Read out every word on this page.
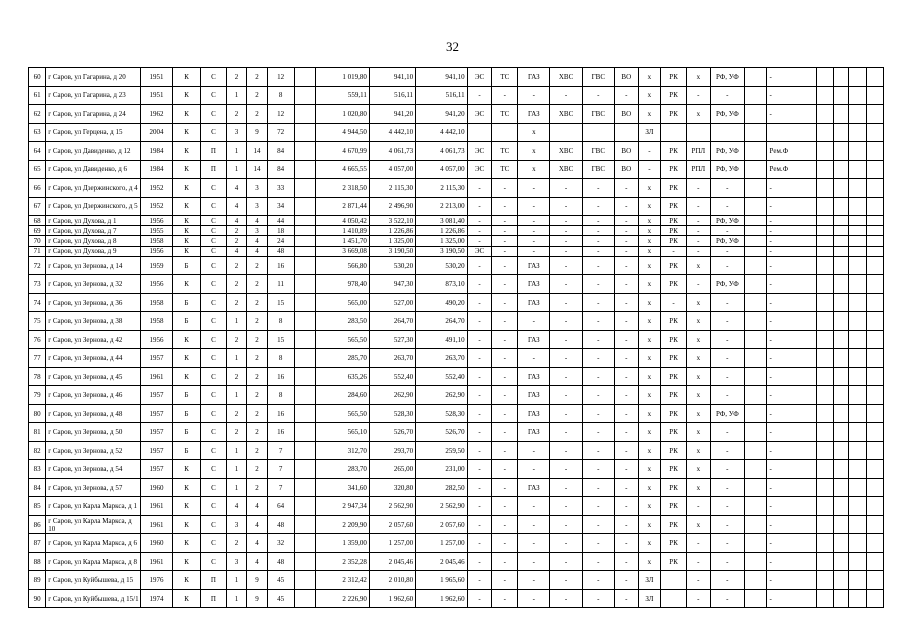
32
60	г Саров, ул Гагарина, д 20	1951	К	С	2	2	12		1 019,80	941,10	941,10	ЭС	ТС	ГАЗ	ХВС	ГВС	ВО	х	РК	х	РФ, УФ		-				
61	г Саров, ул Гагарина, д 23	1951	К	С	1	2	8		559,11	516,11	516,11	-	-	-	-	-	-	х	РК	-	-		-				
62	г Саров, ул Гагарина, д 24	1962	К	С	2	2	12		1 020,80	941,20	941,20	ЭС	ТС	ГАЗ	ХВС	ГВС	ВО	х	РК	х	РФ, УФ		-				
63	г Саров, ул Герцена, д 15	2004	К	С	3	9	72		4 944,50	4 442,10	4 442,10			х				ЗЛ									
64	г Саров, ул Давиденко, д 12	1984	К	П	1	14	84		4 670,99	4 061,73	4 061,73	ЭС	ТС	х	ХВС	ГВС	ВО	-	РК	РПЛ	РФ, УФ		Рем.Ф				
65	г Саров, ул Давиденко, д 6	1984	К	П	1	14	84		4 665,55	4 057,00	4 057,00	ЭС	ТС	х	ХВС	ГВС	ВО	-	РК	РПЛ	РФ, УФ		Рем.Ф				
66	г Саров, ул Дзержинского, д 4	1952	К	С	4	3	33		2 318,50	2 115,30	2 115,30	-	-	-	-	-	-	х	РК	-	-		-				
67	г Саров, ул Дзержинского, д 5	1952	К	С	4	3	34		2 871,44	2 496,90	2 213,00	-	-	-	-	-	-	х	РК	-	-		-				
68	г Саров, ул Духова, д 1	1956	К	С	4	4	44		4 050,42	3 522,10	3 081,40	-	-	-	-	-	-	х	РК	-	РФ, УФ		-				
69	г Саров, ул Духова, д 7	1955	К	С	2	3	18		1 410,89	1 226,86	1 226,86	-	-	-	-	-	-	х	РК	-	-		-				
70	г Саров, ул Духова, д 8	1958	К	С	2	4	24		1 451,70	1 325,00	1 325,00	-	-	-	-	-	-	х	РК	-	РФ, УФ		-				
71	г Саров, ул Духова, д 9	1956	К	С	4	4	48		3 669,08	3 190,50	3 190,50	ЭС	-	-	-	-	-	х	-	-	-		-				
72	г Саров, ул Зернова, д 14	1959	Б	С	2	2	16		566,80	530,20	530,20	-	-	ГАЗ	-	-	-	х	РК	х	-		-				
73	г Саров, ул Зернова, д 32	1956	К	С	2	2	11		978,40	947,30	873,10	-	-	ГАЗ	-	-	-	х	РК	-	РФ, УФ		-				
74	г Саров, ул Зернова, д 36	1958	Б	С	2	2	15		565,00	527,00	490,20	-	-	ГАЗ	-	-	-	х	-	х	-		-				
75	г Саров, ул Зернова, д 38	1958	Б	С	1	2	8		283,50	264,70	264,70	-	-	-	-	-	-	х	РК	х	-		-				
76	г Саров, ул Зернова, д 42	1956	К	С	2	2	15		565,50	527,30	491,10	-	-	ГАЗ	-	-	-	х	РК	х	-		-				
77	г Саров, ул Зернова, д 44	1957	К	С	1	2	8		285,70	263,70	263,70	-	-	-	-	-	-	х	РК	х	-		-				
78	г Саров, ул Зернова, д 45	1961	К	С	2	2	16		635,26	552,40	552,40	-	-	ГАЗ	-	-	-	х	РК	х	-		-				
79	г Саров, ул Зернова, д 46	1957	Б	С	1	2	8		284,60	262,90	262,90	-	-	ГАЗ	-	-	-	х	РК	х	-		-				
80	г Саров, ул Зернова, д 48	1957	Б	С	2	2	16		565,50	528,30	528,30	-	-	ГАЗ	-	-	-	х	РК	х	РФ, УФ		-				
81	г Саров, ул Зернова, д 50	1957	Б	С	2	2	16		565,10	526,70	526,70	-	-	ГАЗ	-	-	-	х	РК	х	-		-				
82	г Саров, ул Зернова, д 52	1957	Б	С	1	2	7		312,70	293,70	259,50	-	-	-	-	-	-	х	РК	х	-		-				
83	г Саров, ул Зернова, д 54	1957	К	С	1	2	7		283,70	265,00	231,00	-	-	-	-	-	-	х	РК	х	-		-				
84	г Саров, ул Зернова, д 57	1960	К	С	1	2	7		341,60	320,80	282,50	-	-	ГАЗ	-	-	-	х	РК	х	-		-				
85	г Саров, ул Карла Маркса, д 1	1961	К	С	4	4	64		2 947,34	2 562,90	2 562,90	-	-	-	-	-	-	х	РК	-	-		-				
86	г Саров, ул Карла Маркса, д 10	1961	К	С	3	4	48		2 209,90	2 057,60	2 057,60	-	-	-	-	-	-	х	РК	х	-		-				
87	г Саров, ул Карла Маркса, д 6	1960	К	С	2	4	32		1 359,00	1 257,00	1 257,00	-	-	-	-	-	-	х	РК	-	-		-				
88	г Саров, ул Карла Маркса, д 8	1961	К	С	3	4	48		2 352,28	2 045,46	2 045,46	-	-	-	-	-	-	х	РК	-	-		-				
89	г Саров, ул Куйбышева, д 15	1976	К	П	1	9	45		2 312,42	2 010,80	1 965,60	-	-	-	-	-	-	ЗЛ		-	-		-				
90	г Саров, ул Куйбышева, д 15/1	1974	К	П	1	9	45		2 226,90	1 962,60	1 962,60	-	-	-	-	-	-	ЗЛ		-	-		-				
